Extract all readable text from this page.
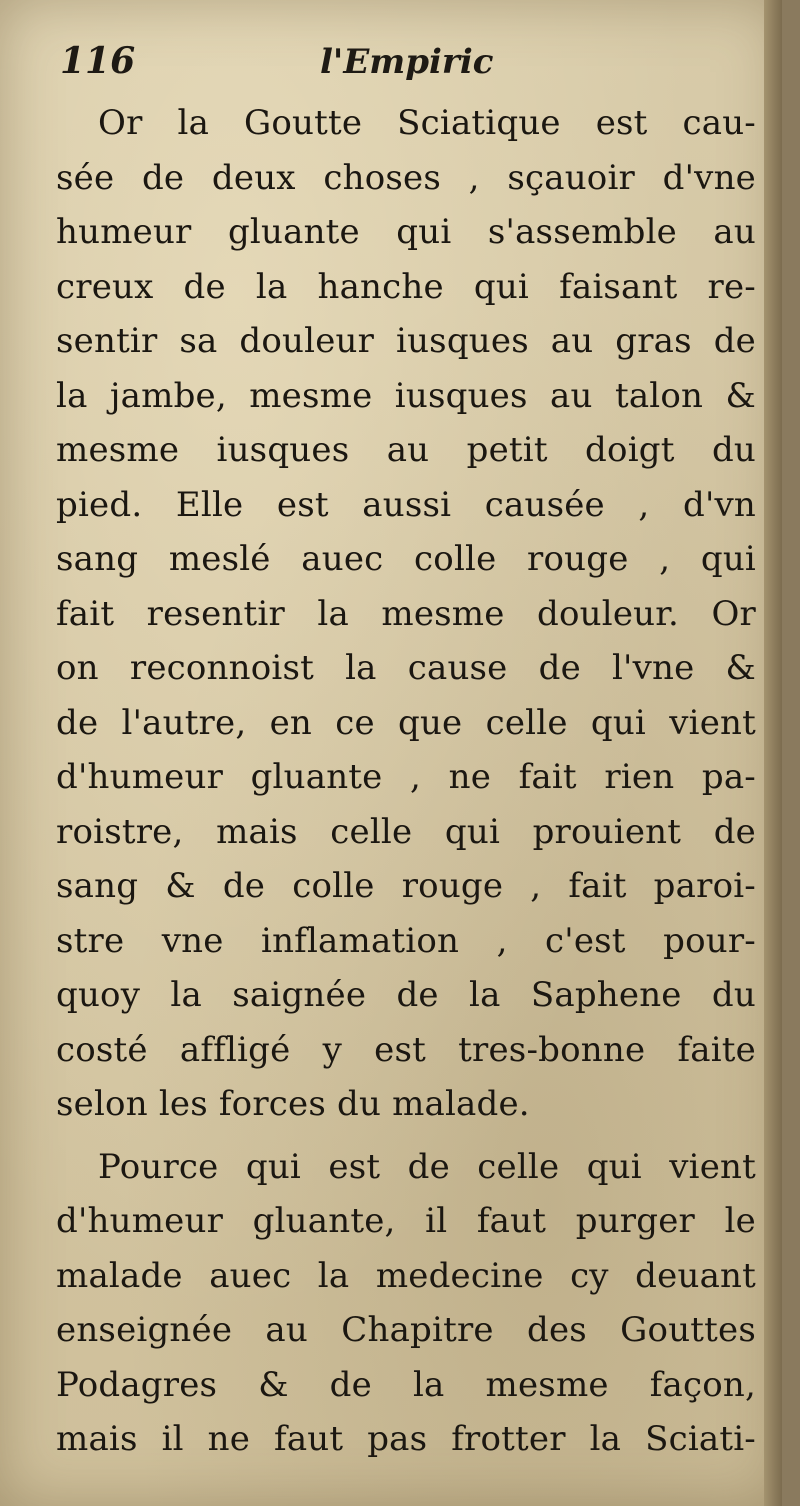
116	l'Empiric
Or la Goutte Sciatique est cau-
sée de deux choses , sçauoir d'vne
humeur gluante qui s'assemble au
creux de la hanche qui faisant re-
sentir sa douleur iusques au gras de
la jambe, mesme iusques au talon &
mesme iusques au petit doigt du
pied. Elle est aussi causée , d'vn
sang meslé auec colle rouge , qui
fait resentir la mesme douleur. Or
on reconnoist la cause de l'vne &
de l'autre, en ce que celle qui vient
d'humeur gluante , ne fait rien pa-
roistre, mais celle qui prouient de
sang & de colle rouge , fait paroi-
stre vne inflamation , c'est pour-
quoy la saignée de la Saphene du
costé affligé y est tres-bonne faite
selon les forces du malade.
Pource qui est de celle qui vient
d'humeur gluante, il faut purger le
malade auec la medecine cy deuant
enseignée au Chapitre des Gouttes
Podagres & de la mesme façon,
mais il ne faut pas frotter la Sciati-
